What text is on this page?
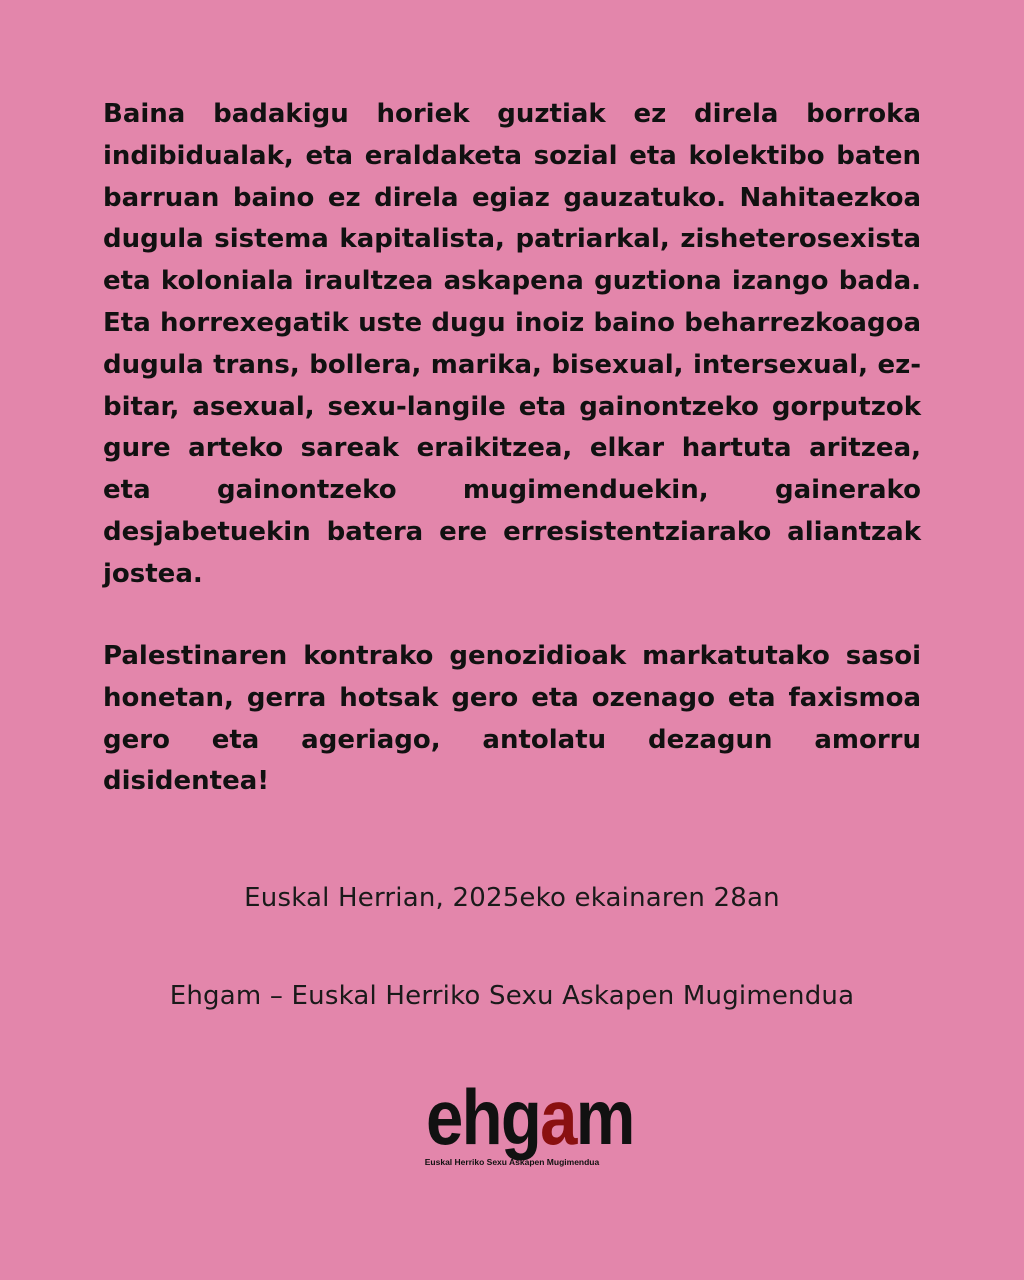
Baina badakigu horiek guztiak ez direla borroka indibidualak, eta eraldaketa sozial eta kolektibo baten barruan baino ez direla egiaz gauzatuko. Nahitaezkoa dugula sistema kapitalista, patriarkal, zisheterosexista eta koloniala iraultzea askapena guztiona izango bada. Eta horrexegatik uste dugu inoiz baino beharrezkoagoa dugula trans, bollera, marika, bisexual, intersexual, ez-bitar, asexual, sexu-langile eta gainontzeko gorputzok gure arteko sareak eraikitzea, elkar hartuta aritzea, eta gainontzeko mugimenduekin, gainerako desjabetuekin batera ere erresistentziarako aliantzak jostea.

Palestinaren kontrako genozidioak markatutako sasoi honetan, gerra hotsak gero eta ozenago eta faxismoa gero eta ageriago, antolatu dezagun amorru disidentea!

Euskal Herrian, 2025eko ekainaren 28an
Ehgam – Euskal Herriko Sexu Askapen Mugimendua
ehgam
Euskal Herriko Sexu Askapen Mugimendua
